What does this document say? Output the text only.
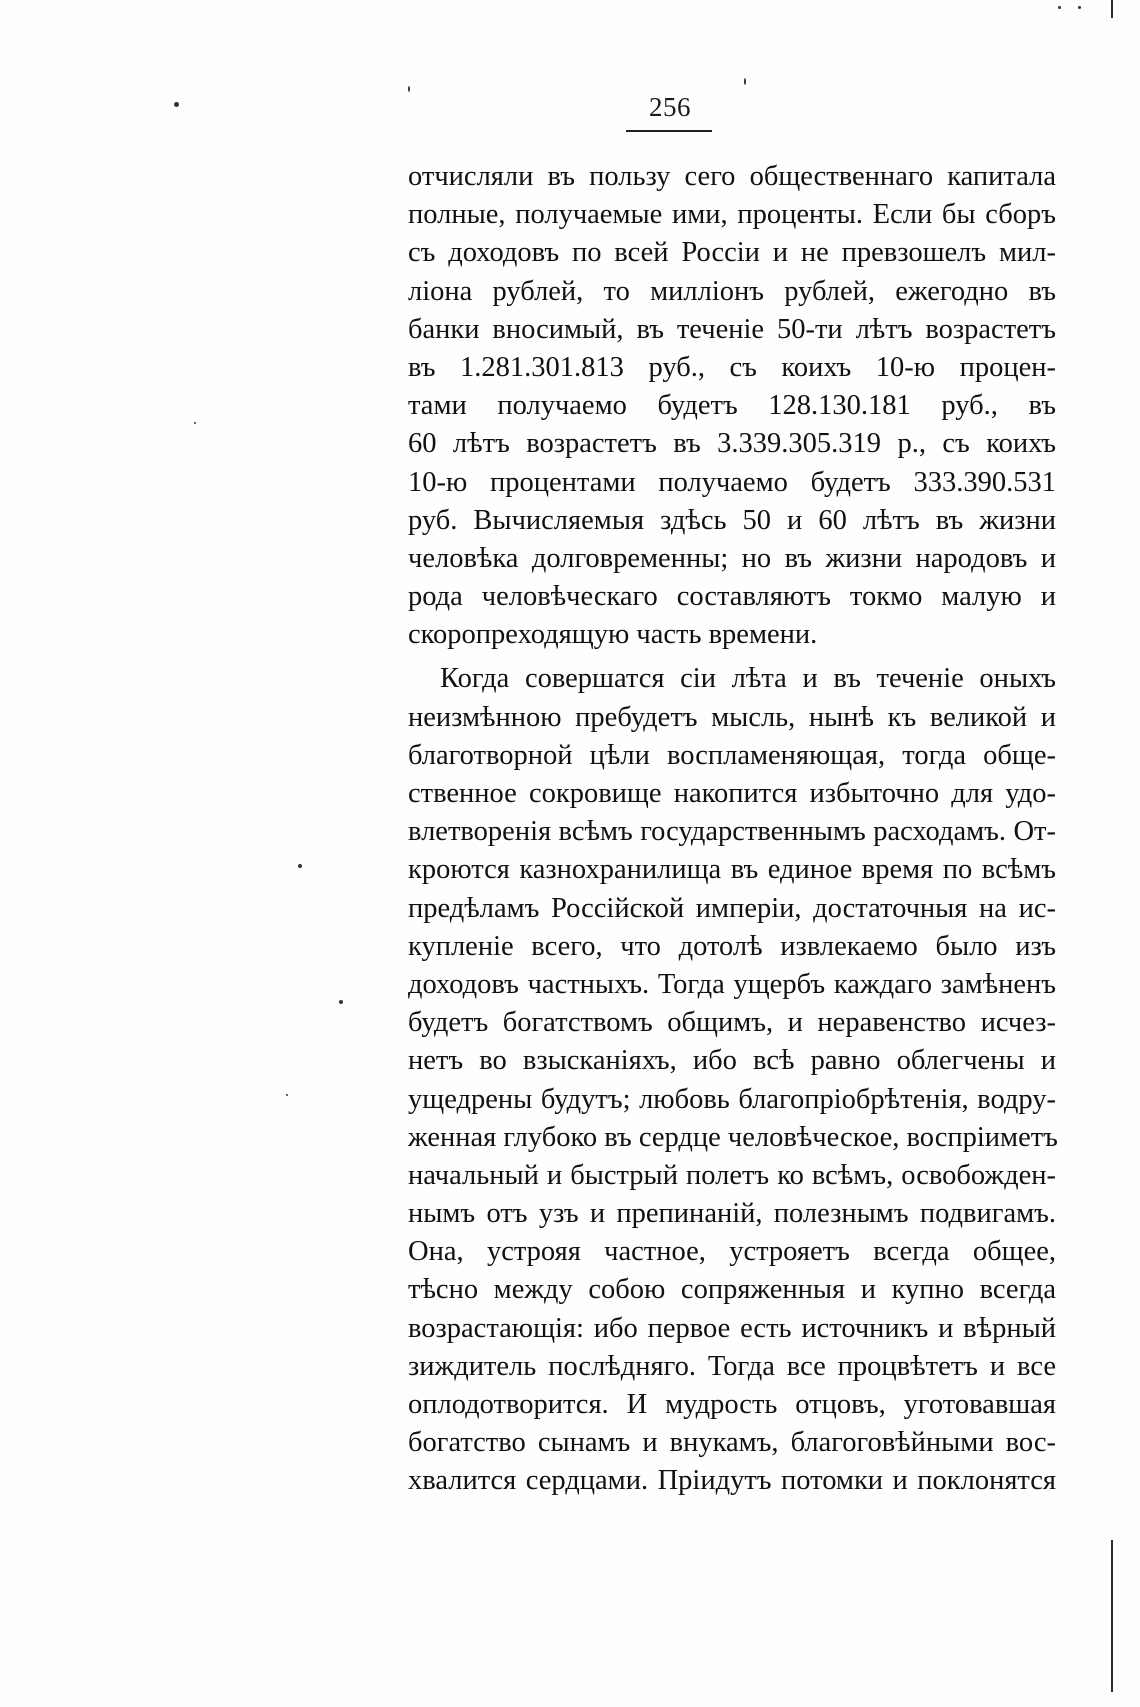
256
отчисляли въ пользу сего общественнаго капитала
полные, получаемые ими, проценты. Если бы сборъ
съ доходовъ по всей Россіи и не превзошелъ мил-
ліона рублей, то милліонъ рублей, ежегодно въ
банки вносимый, въ теченіе 50-ти лѣтъ возрастетъ
въ 1.281.301.813 руб., съ коихъ 10-ю процен-
тами получаемо будетъ 128.130.181 руб., въ
60 лѣтъ возрастетъ въ 3.339.305.319 р., съ коихъ
10-ю процентами получаемо будетъ 333.390.531
руб. Вычисляемыя здѣсь 50 и 60 лѣтъ въ жизни
человѣка долговременны; но въ жизни народовъ и
рода человѣческаго составляютъ токмо малую и
скоропреходящую часть времени.
Когда совершатся сіи лѣта и въ теченіе оныхъ
неизмѣнною пребудетъ мысль, нынѣ къ великой и
благотворной цѣли воспламеняющая, тогда обще-
ственное сокровище накопится избыточно для удо-
влетворенія всѣмъ государственнымъ расходамъ. От-
кроются казнохранилища въ единое время по всѣмъ
предѣламъ Россійской имперіи, достаточныя на ис-
купленіе всего, что дотолѣ извлекаемо было изъ
доходовъ частныхъ. Тогда ущербъ каждаго замѣненъ
будетъ богатствомъ общимъ, и неравенство исчез-
нетъ во взысканіяхъ, ибо всѣ равно облегчены и
ущедрены будутъ; любовь благопріобрѣтенія, водру-
женная глубоко въ сердце человѣческое, воспріиметъ
начальный и быстрый полетъ ко всѣмъ, освобожден-
нымъ отъ узъ и препинаній, полезнымъ подвигамъ.
Она, устрояя частное, устрояетъ всегда общее,
тѣсно между собою сопряженныя и купно всегда
возрастающія: ибо первое есть источникъ и вѣрный
зиждитель послѣдняго. Тогда все процвѣтетъ и все
оплодотворится. И мудрость отцовъ, уготовавшая
богатство сынамъ и внукамъ, благоговѣйными вос-
хвалится сердцами. Пріидутъ потомки и поклонятся
